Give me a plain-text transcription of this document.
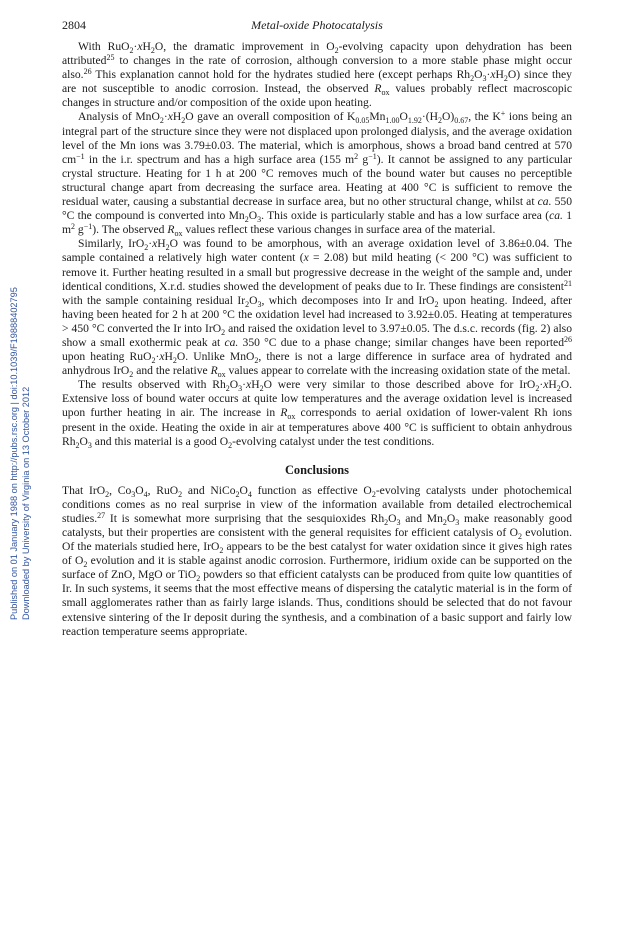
Published on 01 January 1988 on http://pubs.rsc.org | doi:10.1039/F19888402795 Downloaded by University of Virginia on 13 October 2012
2804	Metal-oxide Photocatalysis

With $RuO_2\cdot xH_2O$, the dramatic improvement in $O_2$-evolving capacity upon dehydration has been attributed$^{25}$ to changes in the rate of corrosion, although conversion to a more stable phase might occur also.$^{26}$ This explanation cannot hold for the hydrates studied here (except perhaps $Rh_2O_3\cdot xH_2O$) since they are not susceptible to anodic corrosion. Instead, the observed $R_{ox}$ values probably reflect macroscopic changes in structure and/or composition of the oxide upon heating.

Analysis of $MnO_2\cdot xH_2O$ gave an overall composition of $K_{0.05}Mn_{1.00}O_{1.92}\cdot(H_2O)_{0.67}$, the K+ ions being an integral part of the structure since they were not displaced upon prolonged dialysis, and the average oxidation level of the Mn ions was 3.79±0.03. The material, which is amorphous, shows a broad band centred at 570 $cm^{-1}$ in the i.r. spectrum and has a high surface area (155 $m^2$ $g^{-1}$). It cannot be assigned to any particular crystal structure. Heating for 1 h at 200 °C removes much of the bound water but causes no perceptible structural change apart from decreasing the surface area. Heating at 400 °C is sufficient to remove the residual water, causing a substantial decrease in surface area, but no other structural change, whilst at ca. 550 °C the compound is converted into $Mn_2O_3$. This oxide is particularly stable and has a low surface area (ca. 1 $m^2$ $g^{-1}$). The observed $R_{ox}$ values reflect these various changes in surface area of the material.

Similarly, $IrO_2\cdot xH_2O$ was found to be amorphous, with an average oxidation level of 3.86±0.04. The sample contained a relatively high water content (x = 2.08) but mild heating (< 200 °C) was sufficient to remove it. Further heating resulted in a small but progressive decrease in the weight of the sample and, under identical conditions, X.r.d. studies showed the development of peaks due to Ir. These findings are consistent$^{21}$ with the sample containing residual $Ir_2O_3$, which decomposes into Ir and IrO$_2$ upon heating. Indeed, after having been heated for 2 h at 200 °C the oxidation level had increased to 3.92±0.05. Heating at temperatures > 450 °C converted the Ir into IrO$_2$ and raised the oxidation level to 3.97±0.05. The d.s.c. records (fig. 2) also show a small exothermic peak at ca. 350 °C due to a phase change; similar changes have been reported$^{26}$ upon heating $RuO_2\cdot xH_2O$. Unlike MnO$_2$, there is not a large difference in surface area of hydrated and anhydrous IrO$_2$ and the relative $R_{ox}$ values appear to correlate with the increasing oxidation state of the metal.

The results observed with $Rh_2O_3\cdot xH_2O$ were very similar to those described above for $IrO_2\cdot xH_2O$. Extensive loss of bound water occurs at quite low temperatures and the average oxidation level is increased upon further heating in air. The increase in $R_{ox}$ corresponds to aerial oxidation of lower-valent Rh ions present in the oxide. Heating the oxide in air at temperatures above 400 °C is sufficient to obtain anhydrous $Rh_2O_3$ and this material is a good $O_2$-evolving catalyst under the test conditions.

Conclusions

That IrO$_2$, $Co_3O_4$, RuO$_2$ and $NiCo_2O_4$ function as effective $O_2$-evolving catalysts under photochemical conditions comes as no real surprise in view of the information available from detailed electrochemical studies.$^{27}$ It is somewhat more surprising that the sesquioxides $Rh_2O_3$ and $Mn_2O_3$ make reasonably good catalysts, but their properties are consistent with the general requisites for efficient catalysis of $O_2$ evolution. Of the materials studied here, IrO$_2$ appears to be the best catalyst for water oxidation since it gives high rates of $O_2$ evolution and it is stable against anodic corrosion. Furthermore, iridium oxide can be supported on the surface of ZnO, MgO or TiO$_2$ powders so that efficient catalysts can be produced from quite low quantities of Ir. In such systems, it seems that the most effective means of dispersing the catalytic material is in the form of small agglomerates rather than as fairly large islands. Thus, conditions should be selected that do not favour extensive sintering of the Ir deposit during the synthesis, and a combination of a basic support and fairly low reaction temperature seems appropriate.
